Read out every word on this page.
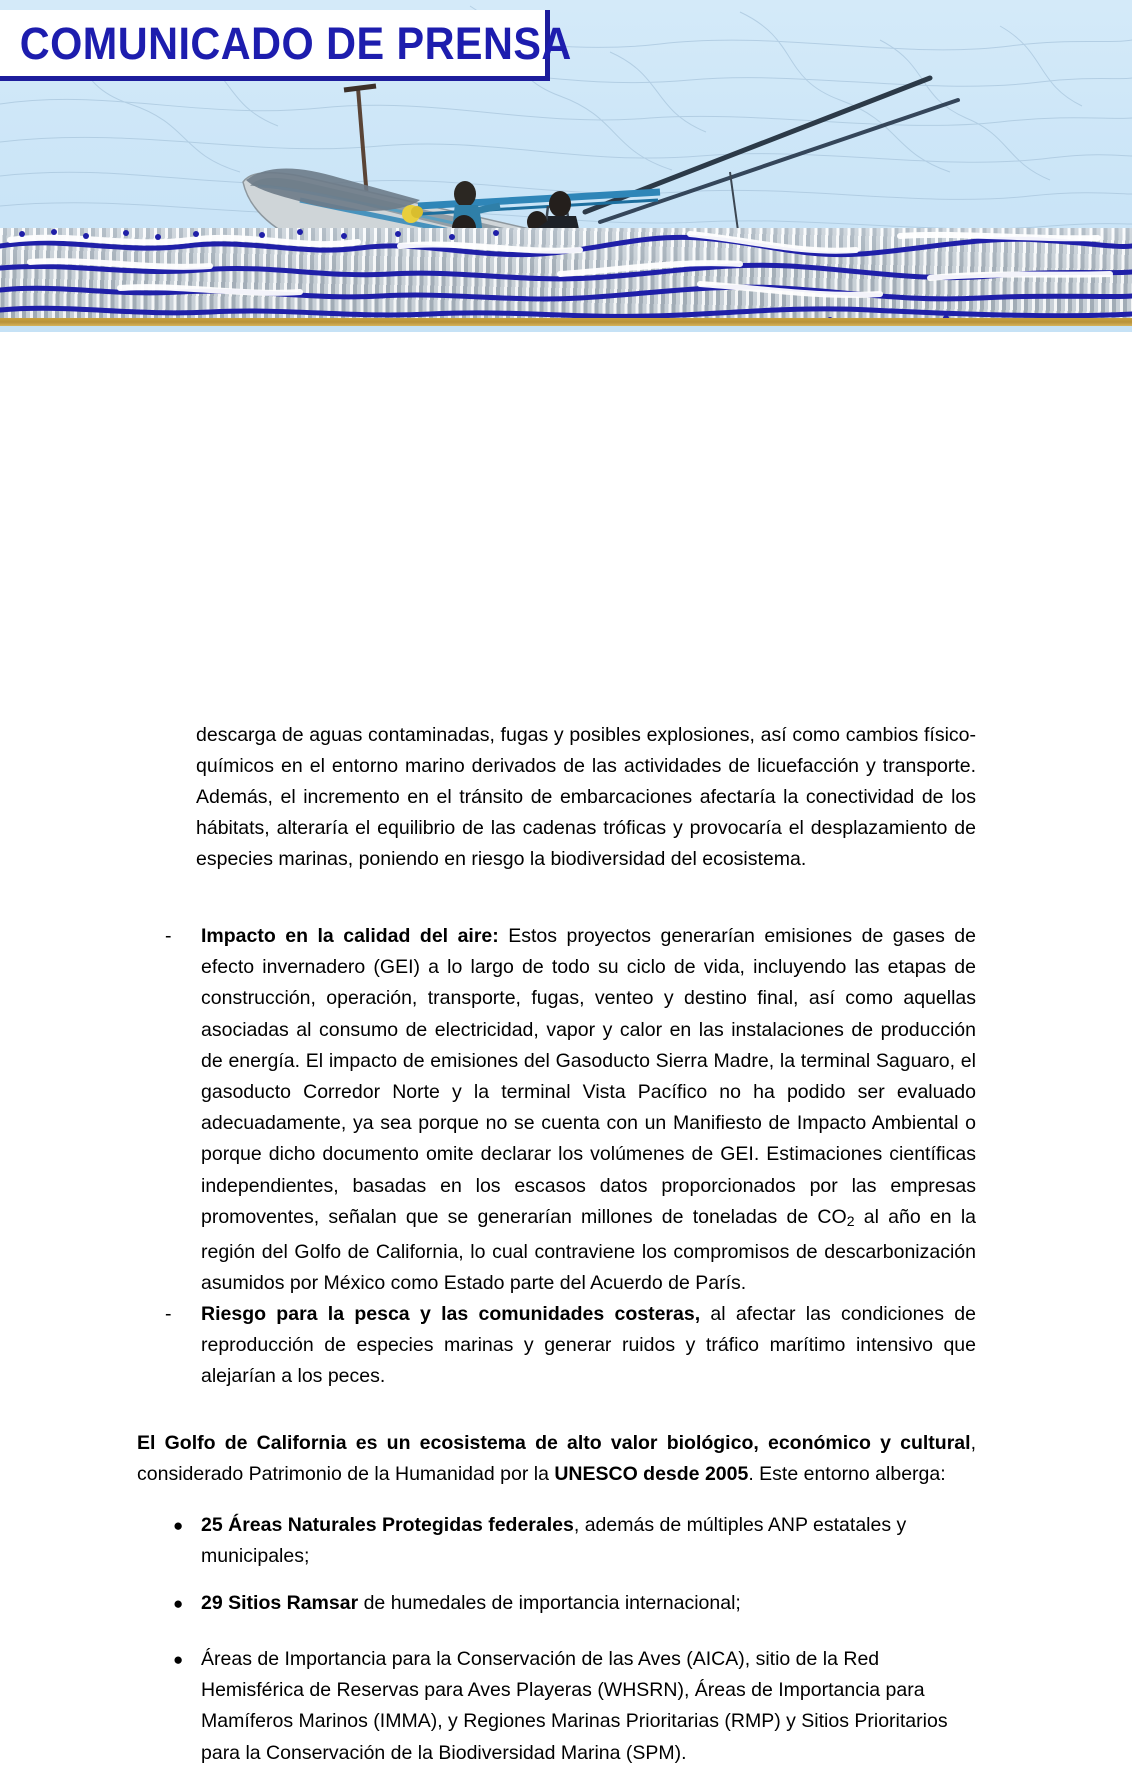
COMUNICADO DE PRENSA

descarga de aguas contaminadas, fugas y posibles explosiones, así como cambios físico-químicos en el entorno marino derivados de las actividades de licuefacción y transporte. Además, el incremento en el tránsito de embarcaciones afectaría la conectividad de los hábitats, alteraría el equilibrio de las cadenas tróficas y provocaría el desplazamiento de especies marinas, poniendo en riesgo la biodiversidad del ecosistema.

-	Impacto en la calidad del aire: Estos proyectos generarían emisiones de gases de efecto invernadero (GEI) a lo largo de todo su ciclo de vida, incluyendo las etapas de construcción, operación, transporte, fugas, venteo y destino final, así como aquellas asociadas al consumo de electricidad, vapor y calor en las instalaciones de producción de energía. El impacto de emisiones del Gasoducto Sierra Madre, la terminal Saguaro, el gasoducto Corredor Norte y la terminal Vista Pacífico no ha podido ser evaluado adecuadamente, ya sea porque no se cuenta con un Manifiesto de Impacto Ambiental o porque dicho documento omite declarar los volúmenes de GEI. Estimaciones científicas independientes, basadas en los escasos datos proporcionados por las empresas promoventes, señalan que se generarían millones de toneladas de $CO_2$ al año en la región del Golfo de California, lo cual contraviene los compromisos de descarbonización asumidos por México como Estado parte del Acuerdo de París.
-	Riesgo para la pesca y las comunidades costeras, al afectar las condiciones de reproducción de especies marinas y generar ruidos y tráfico marítimo intensivo que alejarían a los peces.

El Golfo de California es un ecosistema de alto valor biológico, económico y cultural, considerado Patrimonio de la Humanidad por la UNESCO desde 2005. Este entorno alberga:

● 25 Áreas Naturales Protegidas federales, además de múltiples ANP estatales y municipales;
● 29 Sitios Ramsar de humedales de importancia internacional;
● Áreas de Importancia para la Conservación de las Aves (AICA), sitio de la Red Hemisférica de Reservas para Aves Playeras (WHSRN), Áreas de Importancia para Mamíferos Marinos (IMMA), y Regiones Marinas Prioritarias (RMP) y Sitios Prioritarios para la Conservación de la Biodiversidad Marina (SPM).
